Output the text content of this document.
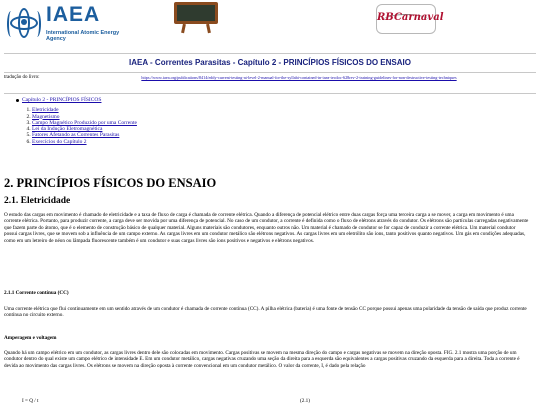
IAEA
International Atomic Energy Agency
RBCarnaval
IAEA - Correntes Parasitas - Capítulo 2 - PRINCÍPIOS FÍSICOS DO ENSAIO
tradução do livro:	https://www.iaea.org/publications/8414/eddy-current-testing-at-level-2-manual-for-the-syllabi-contained-in-iaea-tecdoc-628rev-2-training-guidelines-for-non-destructive-testing-techniques
Capítulo 2 - PRINCÍPIOS FÍSICOS
1. Eletricidade
2. Magnetismo
3. Campo Magnético Produzido por uma Corrente
4. Lei da Indução Eletromagnética
5. Fatores Afetando as Correntes Parasitas
6. Exercícios do Capítulo 2
2. PRINCÍPIOS FÍSICOS DO ENSAIO
2.1. Eletricidade
O estudo das cargas em movimento é chamado de eletricidade e a taxa de fluxo de carga é chamada de corrente elétrica. Quando a diferença de potencial elétrico entre duas cargas força uma terceira carga a se mover, a carga em movimento é uma corrente elétrica. Portanto, para produzir corrente, a carga deve ser movida por uma diferença de potencial. No caso de um condutor, a corrente é definida como o fluxo de elétrons através do condutor. Os elétrons são partículas carregadas negativamente que fazem parte do átomo, que é o elemento de construção básico de qualquer material. Alguns materiais são condutores, enquanto outros não. Um material é chamado de condutor se for capaz de conduzir a corrente elétrica. Um material condutor possui cargas livres, que se movem sob a influência de um campo externo. As cargas livres em um condutor metálico são elétrons negativos. As cargas livres em um eletrólito são íons, tanto positivos quanto negativos. Um gás em condições adequadas, como em um letreiro de néon ou lâmpada fluorescente também é um condutor e suas cargas livres são íons positivos e negativos e elétrons negativos.
2.1.1 Corrente contínua (CC)
Uma corrente elétrica que flui continuamente em um sentido através de um condutor é chamada de corrente contínua (CC). A pilha elétrica (bateria) é uma fonte de tensão CC porque possui apenas uma polaridade da tensão de saída que produz corrente contínua no circuito externo.
Amperagem e voltagem
Quando há um campo elétrico em um condutor, as cargas livres dentro dele são colocadas em movimento. Cargas positivas se movem na mesma direção do campo e cargas negativas se movem na direção oposta. FIG. 2.1 mostra uma porção de um condutor dentro do qual existe um campo elétrico de intensidade E. Em um condutor metálico, cargas negativas cruzando uma seção da direita para a esquerda são equivalentes a cargas positivas cruzando da esquerda para a direita. Toda a corrente é devida ao movimento das cargas livres. Os elétrons se movem na direção oposta à corrente convencional em um condutor metálico. O valor da corrente, I, é dado pela relação
I = Q / t	(2.1)
